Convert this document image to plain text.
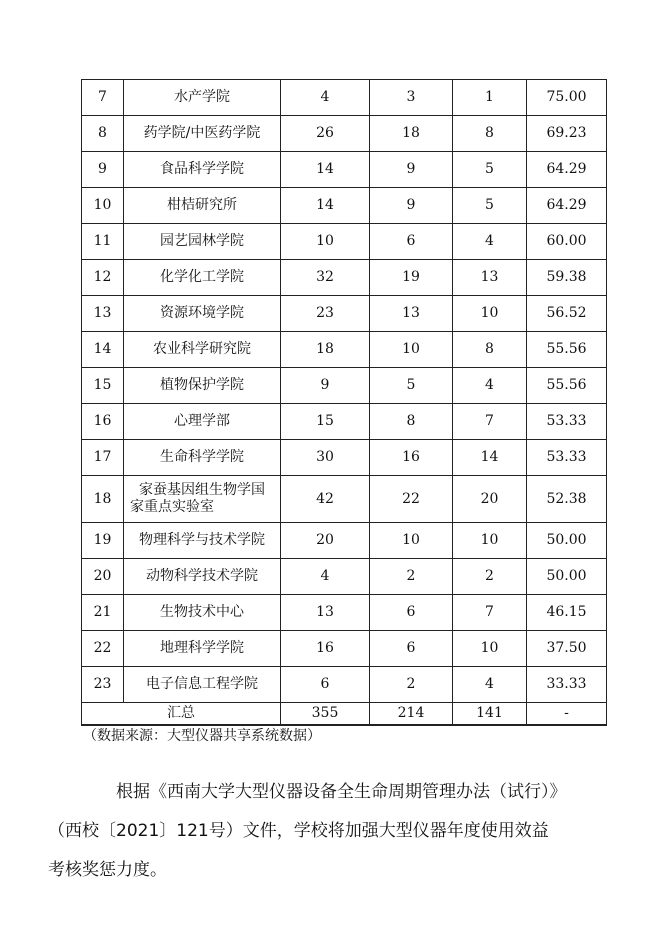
7	水产学院	4	3	1	75.00
8	药学院/中医药学院	26	18	8	69.23
9	食品科学学院	14	9	5	64.29
10	柑桔研究所	14	9	5	64.29
11	园艺园林学院	10	6	4	60.00
12	化学化工学院	32	19	13	59.38
13	资源环境学院	23	13	10	56.52
14	农业科学研究院	18	10	8	55.56
15	植物保护学院	9	5	4	55.56
16	心理学部	15	8	7	53.33
17	生命科学学院	30	16	14	53.33
18	家蚕基因组生物学国
家重点实验室	42	22	20	52.38
19	物理科学与技术学院	20	10	10	50.00
20	动物科学技术学院	4	2	2	50.00
21	生物技术中心	13	6	7	46.15
22	地理科学学院	16	6	10	37.50
23	电子信息工程学院	6	2	4	33.33
汇总		355	214	141	-
（数据来源：大型仪器共享系统数据）
根据《西南大学大型仪器设备全生命周期管理办法（试行）》
（西校〔2021〕121号）文件，学校将加强大型仪器年度使用效益
考核奖惩力度。
